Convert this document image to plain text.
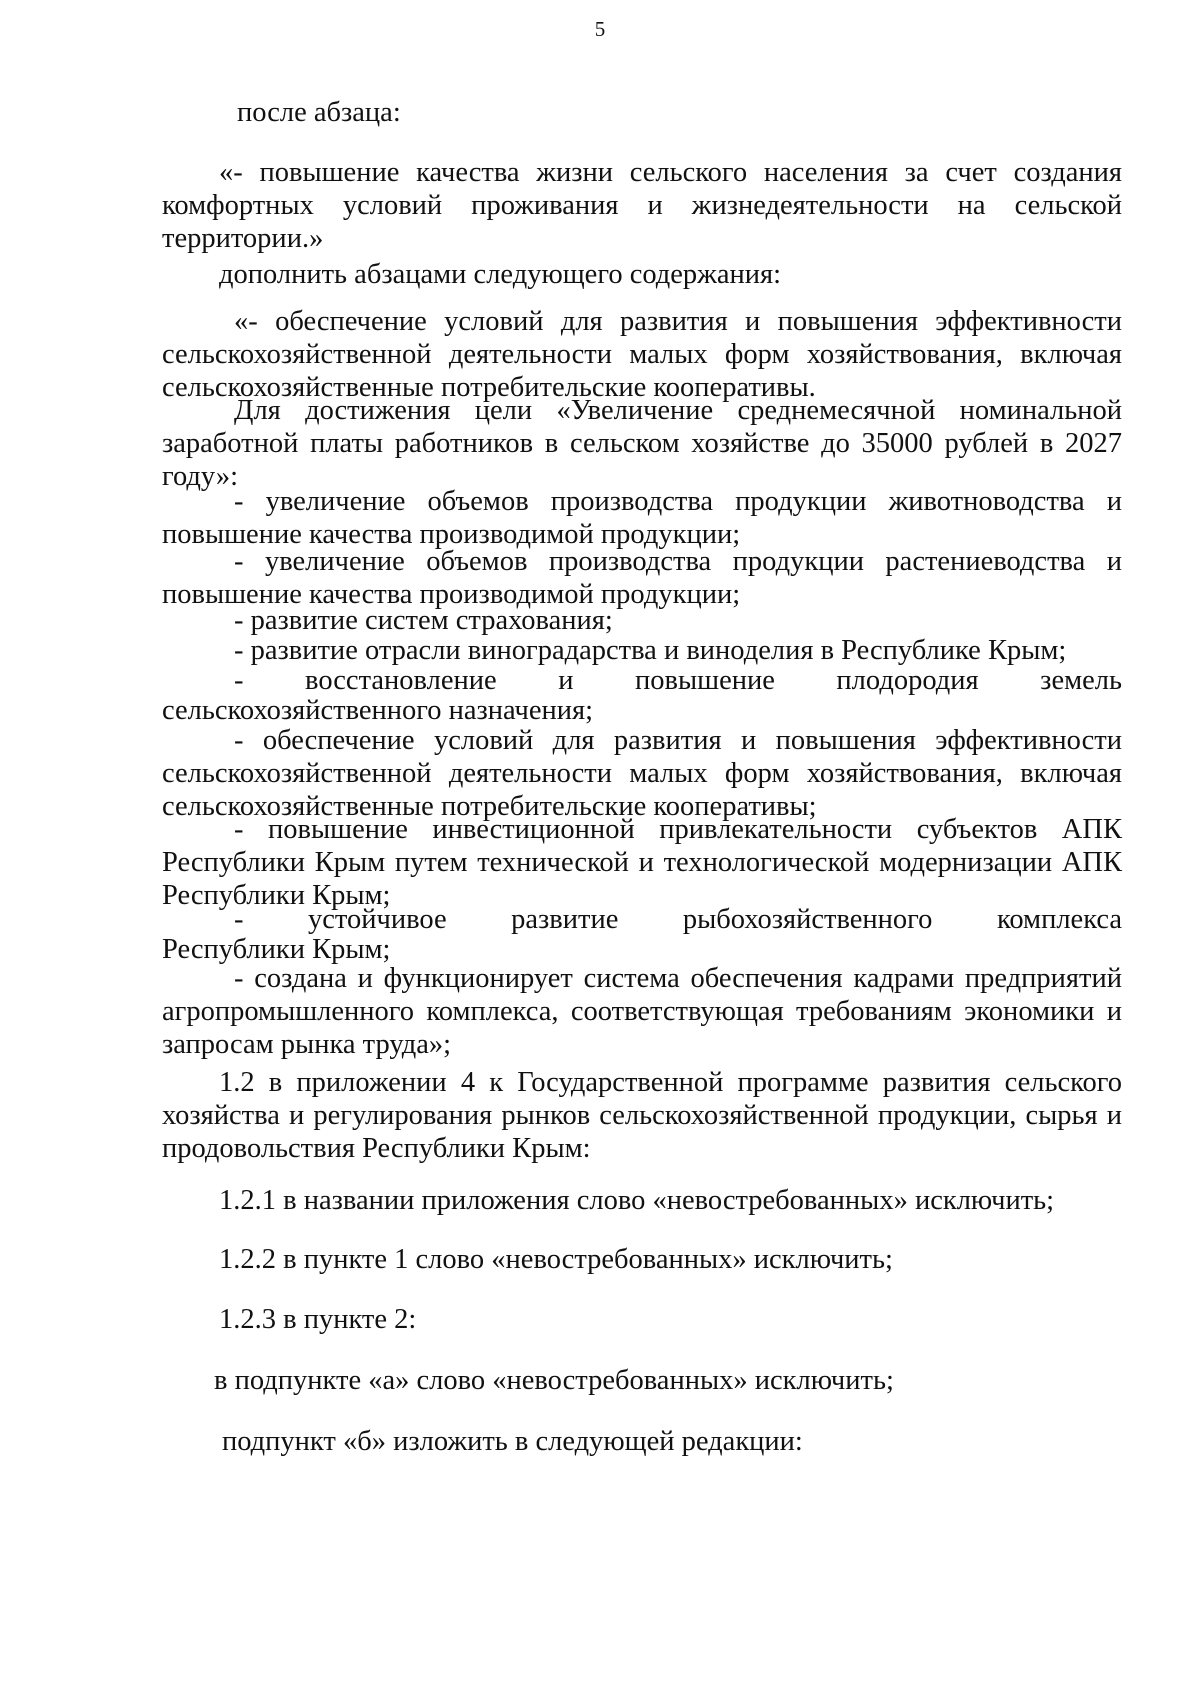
5

после абзаца:

«- повышение качества жизни сельского населения за счет создания комфортных условий проживания и жизнедеятельности на сельской территории.»

дополнить абзацами следующего содержания:

«- обеспечение условий для развития и повышения эффективности сельскохозяйственной деятельности малых форм хозяйствования, включая сельскохозяйственные потребительские кооперативы.

Для достижения цели «Увеличение среднемесячной номинальной заработной платы работников в сельском хозяйстве до 35000 рублей в 2027 году»:

- увеличение объемов производства продукции животноводства и повышение качества производимой продукции;

- увеличение объемов производства продукции растениеводства и повышение качества производимой продукции;

- развитие систем страхования;

- развитие отрасли виноградарства и виноделия в Республике Крым;

- восстановление и повышение плодородия земель

сельскохозяйственного назначения;

- обеспечение условий для развития и повышения эффективности сельскохозяйственной деятельности малых форм хозяйствования, включая сельскохозяйственные потребительские кооперативы;

- повышение инвестиционной привлекательности субъектов АПК Республики Крым путем технической и технологической модернизации АПК Республики Крым;

- устойчивое развитие рыбохозяйственного комплекса

Республики Крым;

- создана и функционирует система обеспечения кадрами предприятий агропромышленного комплекса, соответствующая требованиям экономики и запросам рынка труда»;

1.2 в приложении 4 к Государственной программе развития сельского хозяйства и регулирования рынков сельскохозяйственной продукции, сырья и продовольствия Республики Крым:

1.2.1 в названии приложения слово «невостребованных» исключить;

1.2.2 в пункте 1 слово «невостребованных» исключить;

1.2.3 в пункте 2:

в подпункте «а» слово «невостребованных» исключить;

подпункт «б» изложить в следующей редакции:
